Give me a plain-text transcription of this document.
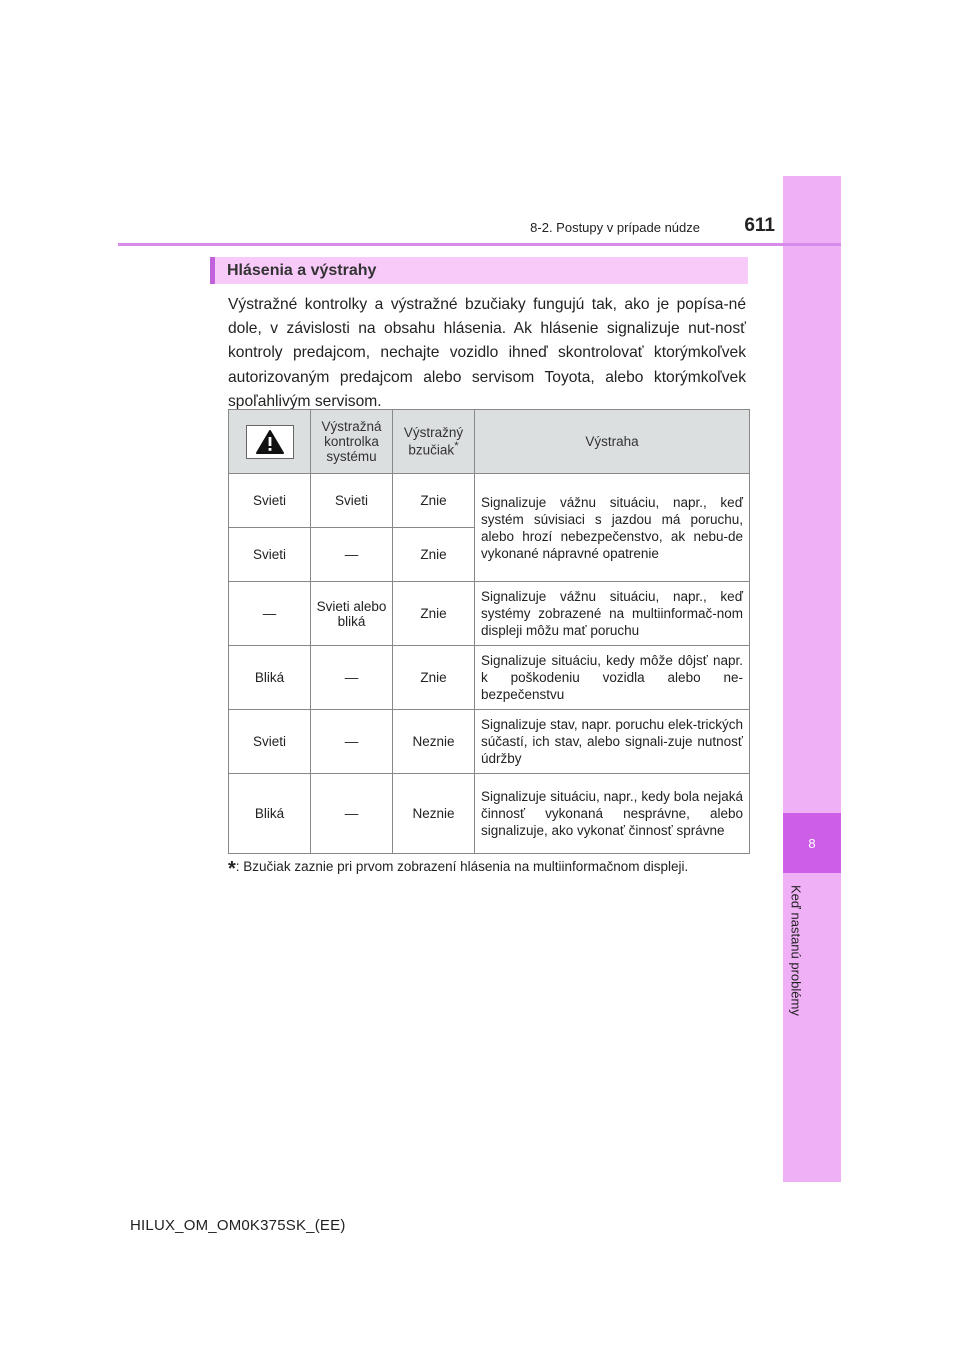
8
Keď nastanú problémy
8-2. Postupy v prípade núdze	611
Hlásenia a výstrahy

Výstražné kontrolky a výstražné bzučiaky fungujú tak, ako je popísa-né dole, v závislosti na obsahu hlásenia. Ak hlásenie signalizuje nut-nosť kontroly predajcom, nechajte vozidlo ihneď skontrolovať ktorýmkoľvek autorizovaným predajcom alebo servisom Toyota, alebo ktorýmkoľvek spoľahlivým servisom.

	Výstražná kontrolka systému	Výstražný bzučiak*	Výstraha
Svieti	Svieti	Znie	Signalizuje vážnu situáciu, napr., keď systém súvisiaci s jazdou má poruchu, alebo hrozí nebezpečenstvo, ak nebu-de vykonané nápravné opatrenie
Svieti	—	Znie	
—	Svieti alebo bliká	Znie	Signalizuje vážnu situáciu, napr., keď systémy zobrazené na multiinformač-nom displeji môžu mať poruchu
Bliká	—	Znie	Signalizuje situáciu, kedy môže dôjsť napr. k poškodeniu vozidla alebo ne-bezpečenstvu
Svieti	—	Neznie	Signalizuje stav, napr. poruchu elek-trických súčastí, ich stav, alebo signali-zuje nutnosť údržby
Bliká	—	Neznie	Signalizuje situáciu, napr., kedy bola nejaká činnosť vykonaná nesprávne, alebo signalizuje, ako vykonať činnosť správne
*: Bzučiak zaznie pri prvom zobrazení hlásenia na multiinformačnom displeji.
HILUX_OM_OM0K375SK_(EE)
